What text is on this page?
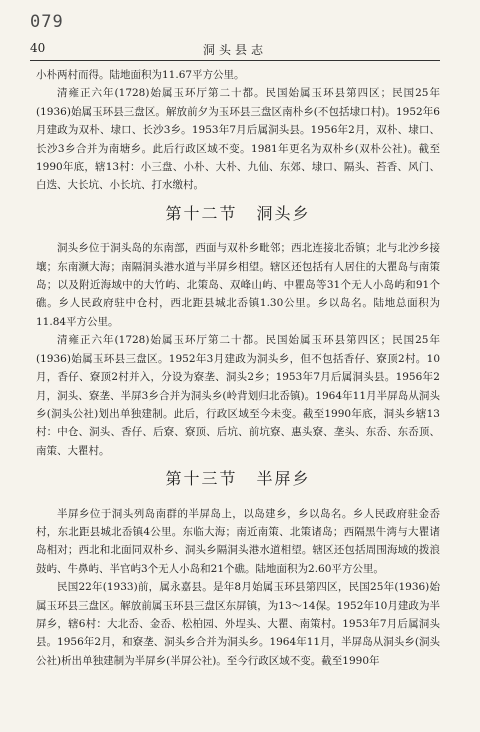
079
40	洞头县志

小朴两村而得。陆地面积为11.67平方公里。

清雍正六年(1728)始属玉环厅第二十都。民国始属玉环县第四区；民国25年(1936)始属玉环县三盘区。解放前夕为玉环县三盘区南朴乡(不包括埭口村)。1952年6月建政为双朴、埭口、长沙3乡。1953年7月后属洞头县。1956年2月，双朴、埭口、长沙3乡合并为南塘乡。此后行政区域不变。1981年更名为双朴乡(双朴公社)。截至1990年底，辖13村：小三盘、小朴、大朴、九仙、东郊、埭口、隔头、苔香、风门、白迭、大长坑、小长坑、打水缴村。

第十二节 洞头乡

洞头乡位于洞头岛的东南部，西面与双朴乡毗邻；西北连接北岙镇；北与北沙乡接壤；东南濒大海；南隔洞头港水道与半屏乡相望。辖区还包括有人居住的大瞿岛与南策岛；以及附近海域中的大竹屿、北策岛、双峰山屿、中瞿岛等31个无人小岛屿和91个礁。乡人民政府驻中仓村，西北距县城北岙镇1.30公里。乡以岛名。陆地总面积为11.84平方公里。

清雍正六年(1728)始属玉环厅第二十都。民国始属玉环县第四区；民国25年(1936)始属玉环县三盘区。1952年3月建政为洞头乡，但不包括香仔、寮顶2村。10月，香仔、寮顶2村并入，分设为寮垄、洞头2乡；1953年7月后属洞头县。1956年2月，洞头、寮垄、半屏3乡合并为洞头乡(岭背划归北岙镇)。1964年11月半屏岛从洞头乡(洞头公社)划出单独建制。此后，行政区域至今未变。截至1990年底，洞头乡辖13村：中仓、洞头、香仔、后寮、寮顶、后坑、前坑寮、惠头寮、垄头、东岙、东岙顶、南策、大瞿村。

第十三节 半屏乡

半屏乡位于洞头列岛南群的半屏岛上，以岛建乡，乡以岛名。乡人民政府驻金岙村，东北距县城北岙镇4公里。东临大海；南近南策、北策诸岛；西隔黑牛湾与大瞿诸岛相对；西北和北面同双朴乡、洞头乡隔洞头港水道相望。辖区还包括周围海域的拨浪鼓屿、牛鼻屿、半官屿3个无人小岛和21个礁。陆地面积为2.60平方公里。

民国22年(1933)前，属永嘉县。是年8月始属玉环县第四区，民国25年(1936)始属玉环县三盘区。解放前属玉环县三盘区东屏镇，为13～14保。1952年10月建政为半屏乡，辖6村：大北岙、金岙、松柏园、外埕头、大瞿、南策村。1953年7月后属洞头县。1956年2月，和寮垄、洞头乡合并为洞头乡。1964年11月，半屏岛从洞头乡(洞头公社)析出单独建制为半屏乡(半屏公社)。至今行政区域不变。截至1990年
